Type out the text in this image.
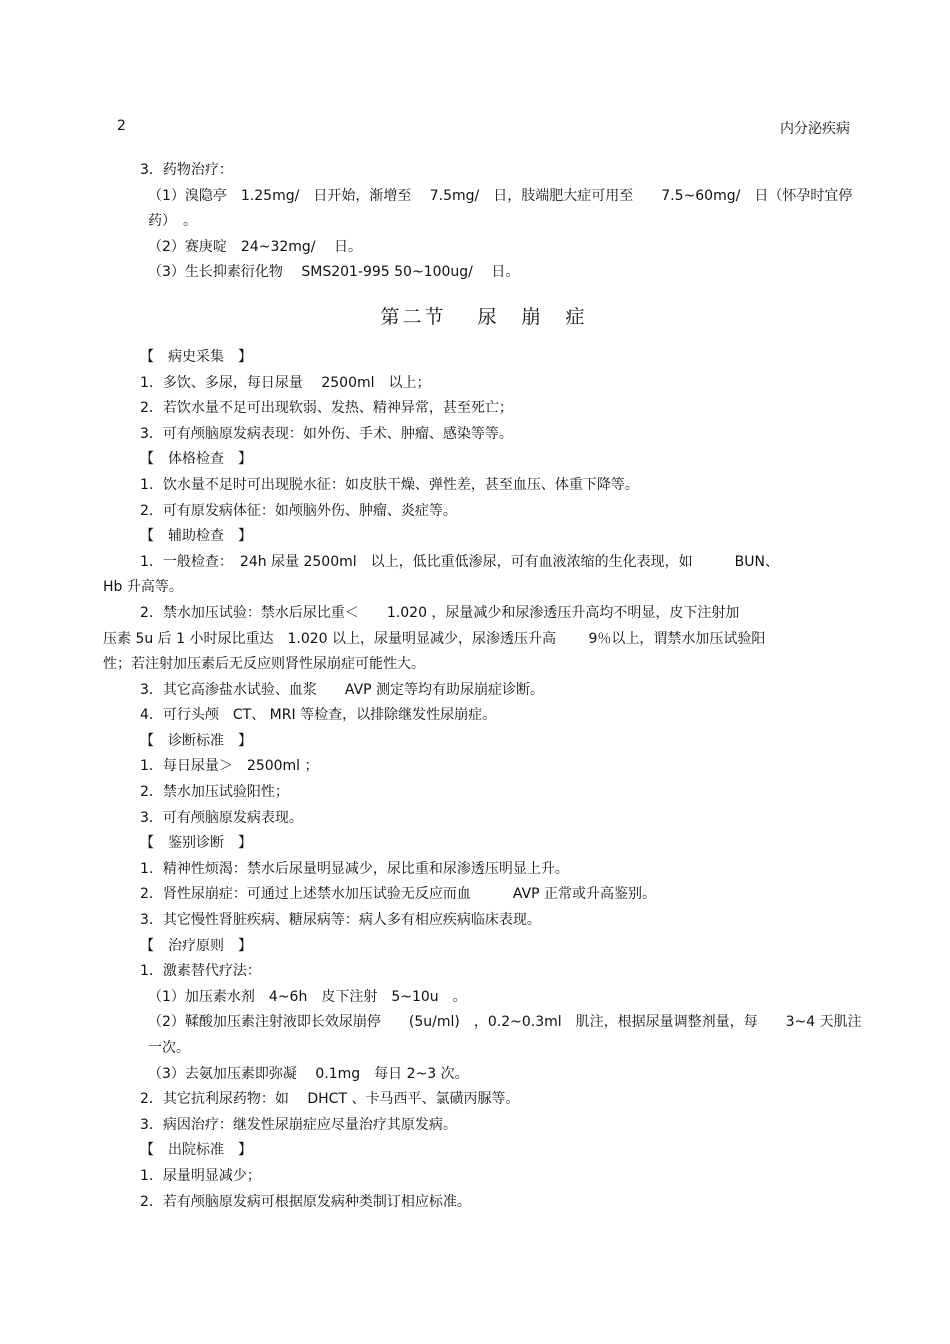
2	内分泌疾病

3．药物治疗：

（1）溴隐亭　1.25mg/　日开始，渐增至　 7.5mg/　日，肢端肥大症可用至　　7.5~60mg/　日（怀孕时宜停药）　。

（2）赛庚啶　24~32mg/　 日。

（3）生长抑素衍化物　 SMS201-995 50~100ug/　 日。

第二节　 尿　崩　症

【　病史采集　】

1．多饮、多尿，每日尿量　 2500ml　以上；

2．若饮水量不足可出现软弱、发热、精神异常，甚至死亡；

3．可有颅脑原发病表现：如外伤、手术、肿瘤、感染等等。

【　体格检查　】

1．饮水量不足时可出现脱水征：如皮肤干燥、弹性差，甚至血压、体重下降等。

2．可有原发病体征：如颅脑外伤、肿瘤、炎症等。

【　辅助检查　】

1．一般检查：　24h 尿量 2500ml　以上，低比重低渗尿，可有血液浓缩的生化表现，如　　　BUN、

Hb 升高等。

2．禁水加压试验：禁水后尿比重＜　　1.020 ，尿量减少和尿渗透压升高均不明显，皮下注射加

压素 5u 后 1 小时尿比重达　1.020 以上，尿量明显减少，尿渗透压升高　　 9％以上，谓禁水加压试验阳

性；若注射加压素后无反应则肾性尿崩症可能性大。

3．其它高渗盐水试验、血浆　　AVP 测定等均有助尿崩症诊断。

4．可行头颅　CT、 MRI 等检查，以排除继发性尿崩症。

【　诊断标准　】

1．每日尿量＞　2500ml ；

2．禁水加压试验阳性；

3．可有颅脑原发病表现。

【　鉴别诊断　】

1．精神性烦渴：禁水后尿量明显减少，尿比重和尿渗透压明显上升。

2．肾性尿崩症：可通过上述禁水加压试验无反应而血　　　AVP 正常或升高鉴别。

3．其它慢性肾脏疾病、糖尿病等：病人多有相应疾病临床表现。

【　治疗原则　】

1．激素替代疗法：

（1）加压素水剂　4~6h　皮下注射　5~10u　。

（2）鞣酸加压素注射液即长效尿崩停　　(5u/ml)　，0.2~0.3ml　肌注，根据尿量调整剂量，每　　3~4 天肌注一次。

（3）去氨加压素即弥凝　 0.1mg　每日 2~3 次。

2．其它抗利尿药物：如　 DHCT 、卡马西平、氯磺丙脲等。

3．病因治疗：继发性尿崩症应尽量治疗其原发病。

【　出院标准　】

1．尿量明显减少；

2．若有颅脑原发病可根据原发病种类制订相应标准。
